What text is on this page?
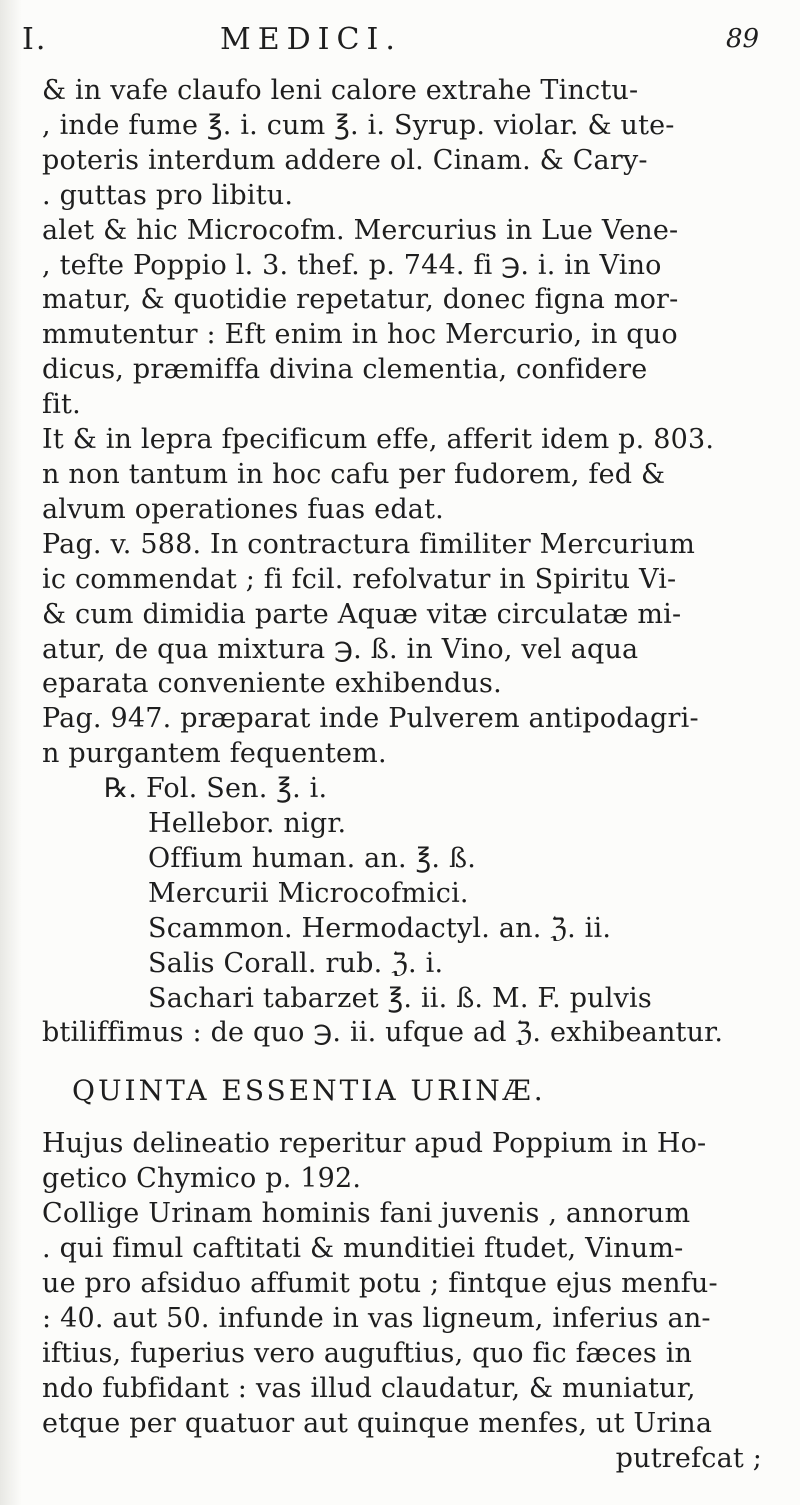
I.	MEDICI.	89
& in vafe claufo leni calore extrahe Tinctu-
, inde fume ℥. i. cum ℥. i. Syrup. violar. & ute-
poteris interdum addere ol. Cinam. & Cary-
. guttas pro libitu.
alet & hic Microcofm. Mercurius in Lue Vene-
, tefte Poppio l. 3. thef. p. 744. fi ℈. i. in Vino
matur, & quotidie repetatur, donec figna mor-
mmutentur : Eft enim in hoc Mercurio, in quo
dicus, præmiffa divina clementia, confidere
fit.
It & in lepra fpecificum effe, afferit idem p. 803.
n non tantum in hoc cafu per fudorem, fed &
alvum operationes fuas edat.
Pag. v. 588. In contractura fimiliter Mercurium
ic commendat ; fi fcil. refolvatur in Spiritu Vi-
& cum dimidia parte Aquæ vitæ circulatæ mi-
atur, de qua mixtura ℈. ß. in Vino, vel aqua
eparata conveniente exhibendus.
Pag. 947. præparat inde Pulverem antipodagri-
n purgantem fequentem.
℞. Fol. Sen. ℥. i.
Hellebor. nigr.
Offium human. an. ℥. ß.
Mercurii Microcofmici.
Scammon. Hermodactyl. an. ℨ. ii.
Salis Corall. rub. ℨ. i.
Sachari tabarzet ℥. ii. ß. M. F. pulvis
btiliffimus : de quo ℈. ii. ufque ad ℨ. exhibeantur.
QUINTA ESSENTIA URINÆ.
Hujus delineatio reperitur apud Poppium in Ho-
getico Chymico p. 192.
Collige Urinam hominis fani juvenis , annorum
. qui fimul caftitati & munditiei ftudet, Vinum-
ue pro afsiduo affumit potu ; fintque ejus menfu-
: 40. aut 50. infunde in vas ligneum, inferius an-
iftius, fuperius vero auguftius, quo fic fæces in
ndo fubfidant : vas illud claudatur, & muniatur,
etque per quatuor aut quinque menfes, ut Urina
putrefcat ;
